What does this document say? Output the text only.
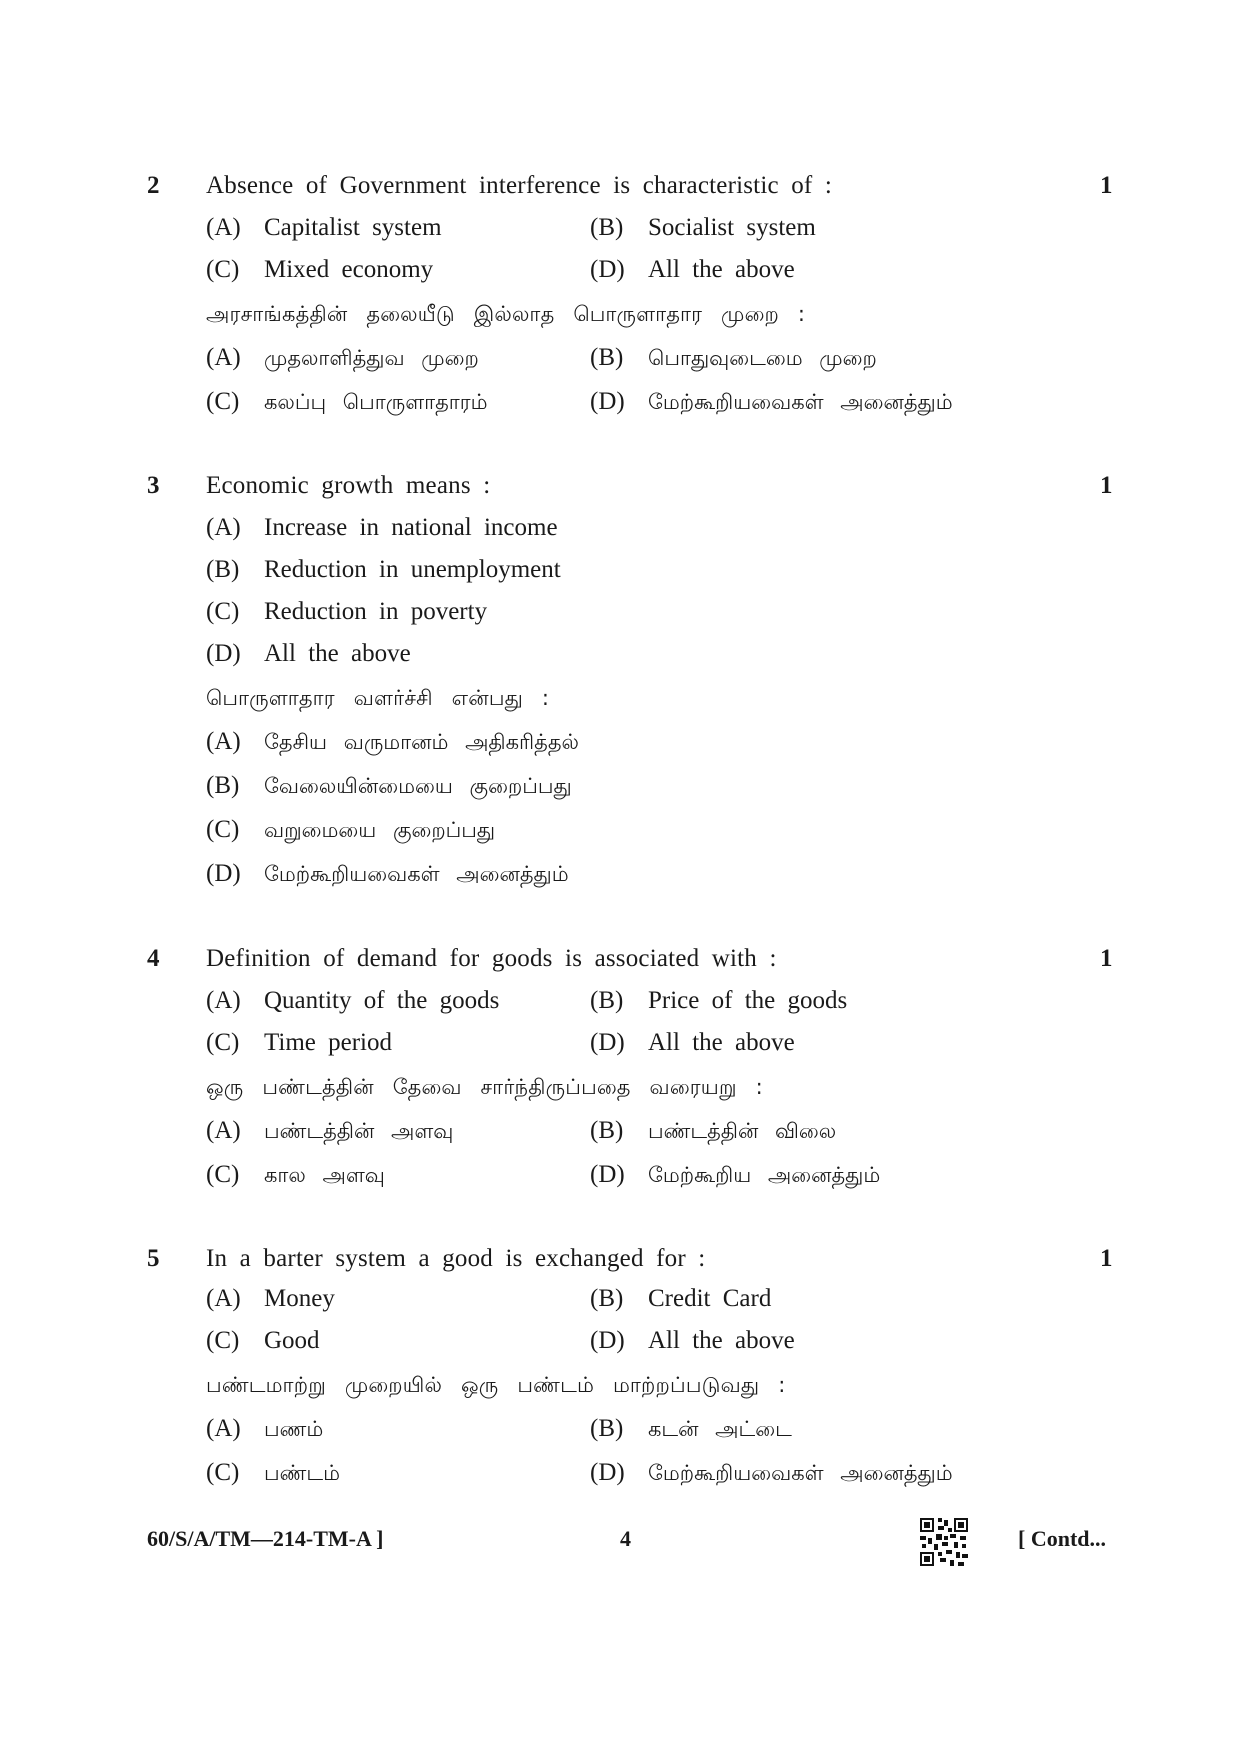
2 Absence of Government interference is characteristic of :	1
(A) Capitalist system	(B) Socialist system
(C) Mixed economy	(D) All the above
அரசாங்கத்தின் தலையீடு இல்லாத பொருளாதார முறை :
(A) முதலாளித்துவ முறை	(B) பொதுவுடைமை முறை
(C) கலப்பு பொருளாதாரம்	(D) மேற்கூறியவைகள் அனைத்தும்
3 Economic growth means :	1
(A) Increase in national income
(B) Reduction in unemployment
(C) Reduction in poverty
(D) All the above
பொருளாதார வளர்ச்சி என்பது :
(A) தேசிய வருமானம் அதிகரித்தல்
(B) வேலையின்மையை குறைப்பது
(C) வறுமையை குறைப்பது
(D) மேற்கூறியவைகள் அனைத்தும்
4 Definition of demand for goods is associated with :	1
(A) Quantity of the goods	(B) Price of the goods
(C) Time period	(D) All the above
ஒரு பண்டத்தின் தேவை சார்ந்திருப்பதை வரையறு :
(A) பண்டத்தின் அளவு	(B) பண்டத்தின் விலை
(C) கால அளவு	(D) மேற்கூறிய அனைத்தும்
5 In a barter system a good is exchanged for :	1
(A) Money	(B) Credit Card
(C) Good	(D) All the above
பண்டமாற்று முறையில் ஒரு பண்டம் மாற்றப்படுவது :
(A) பணம்	(B) கடன் அட்டை
(C) பண்டம்	(D) மேற்கூறியவைகள் அனைத்தும்
60/S/A/TM—214-TM-A ]	4	[ Contd...
